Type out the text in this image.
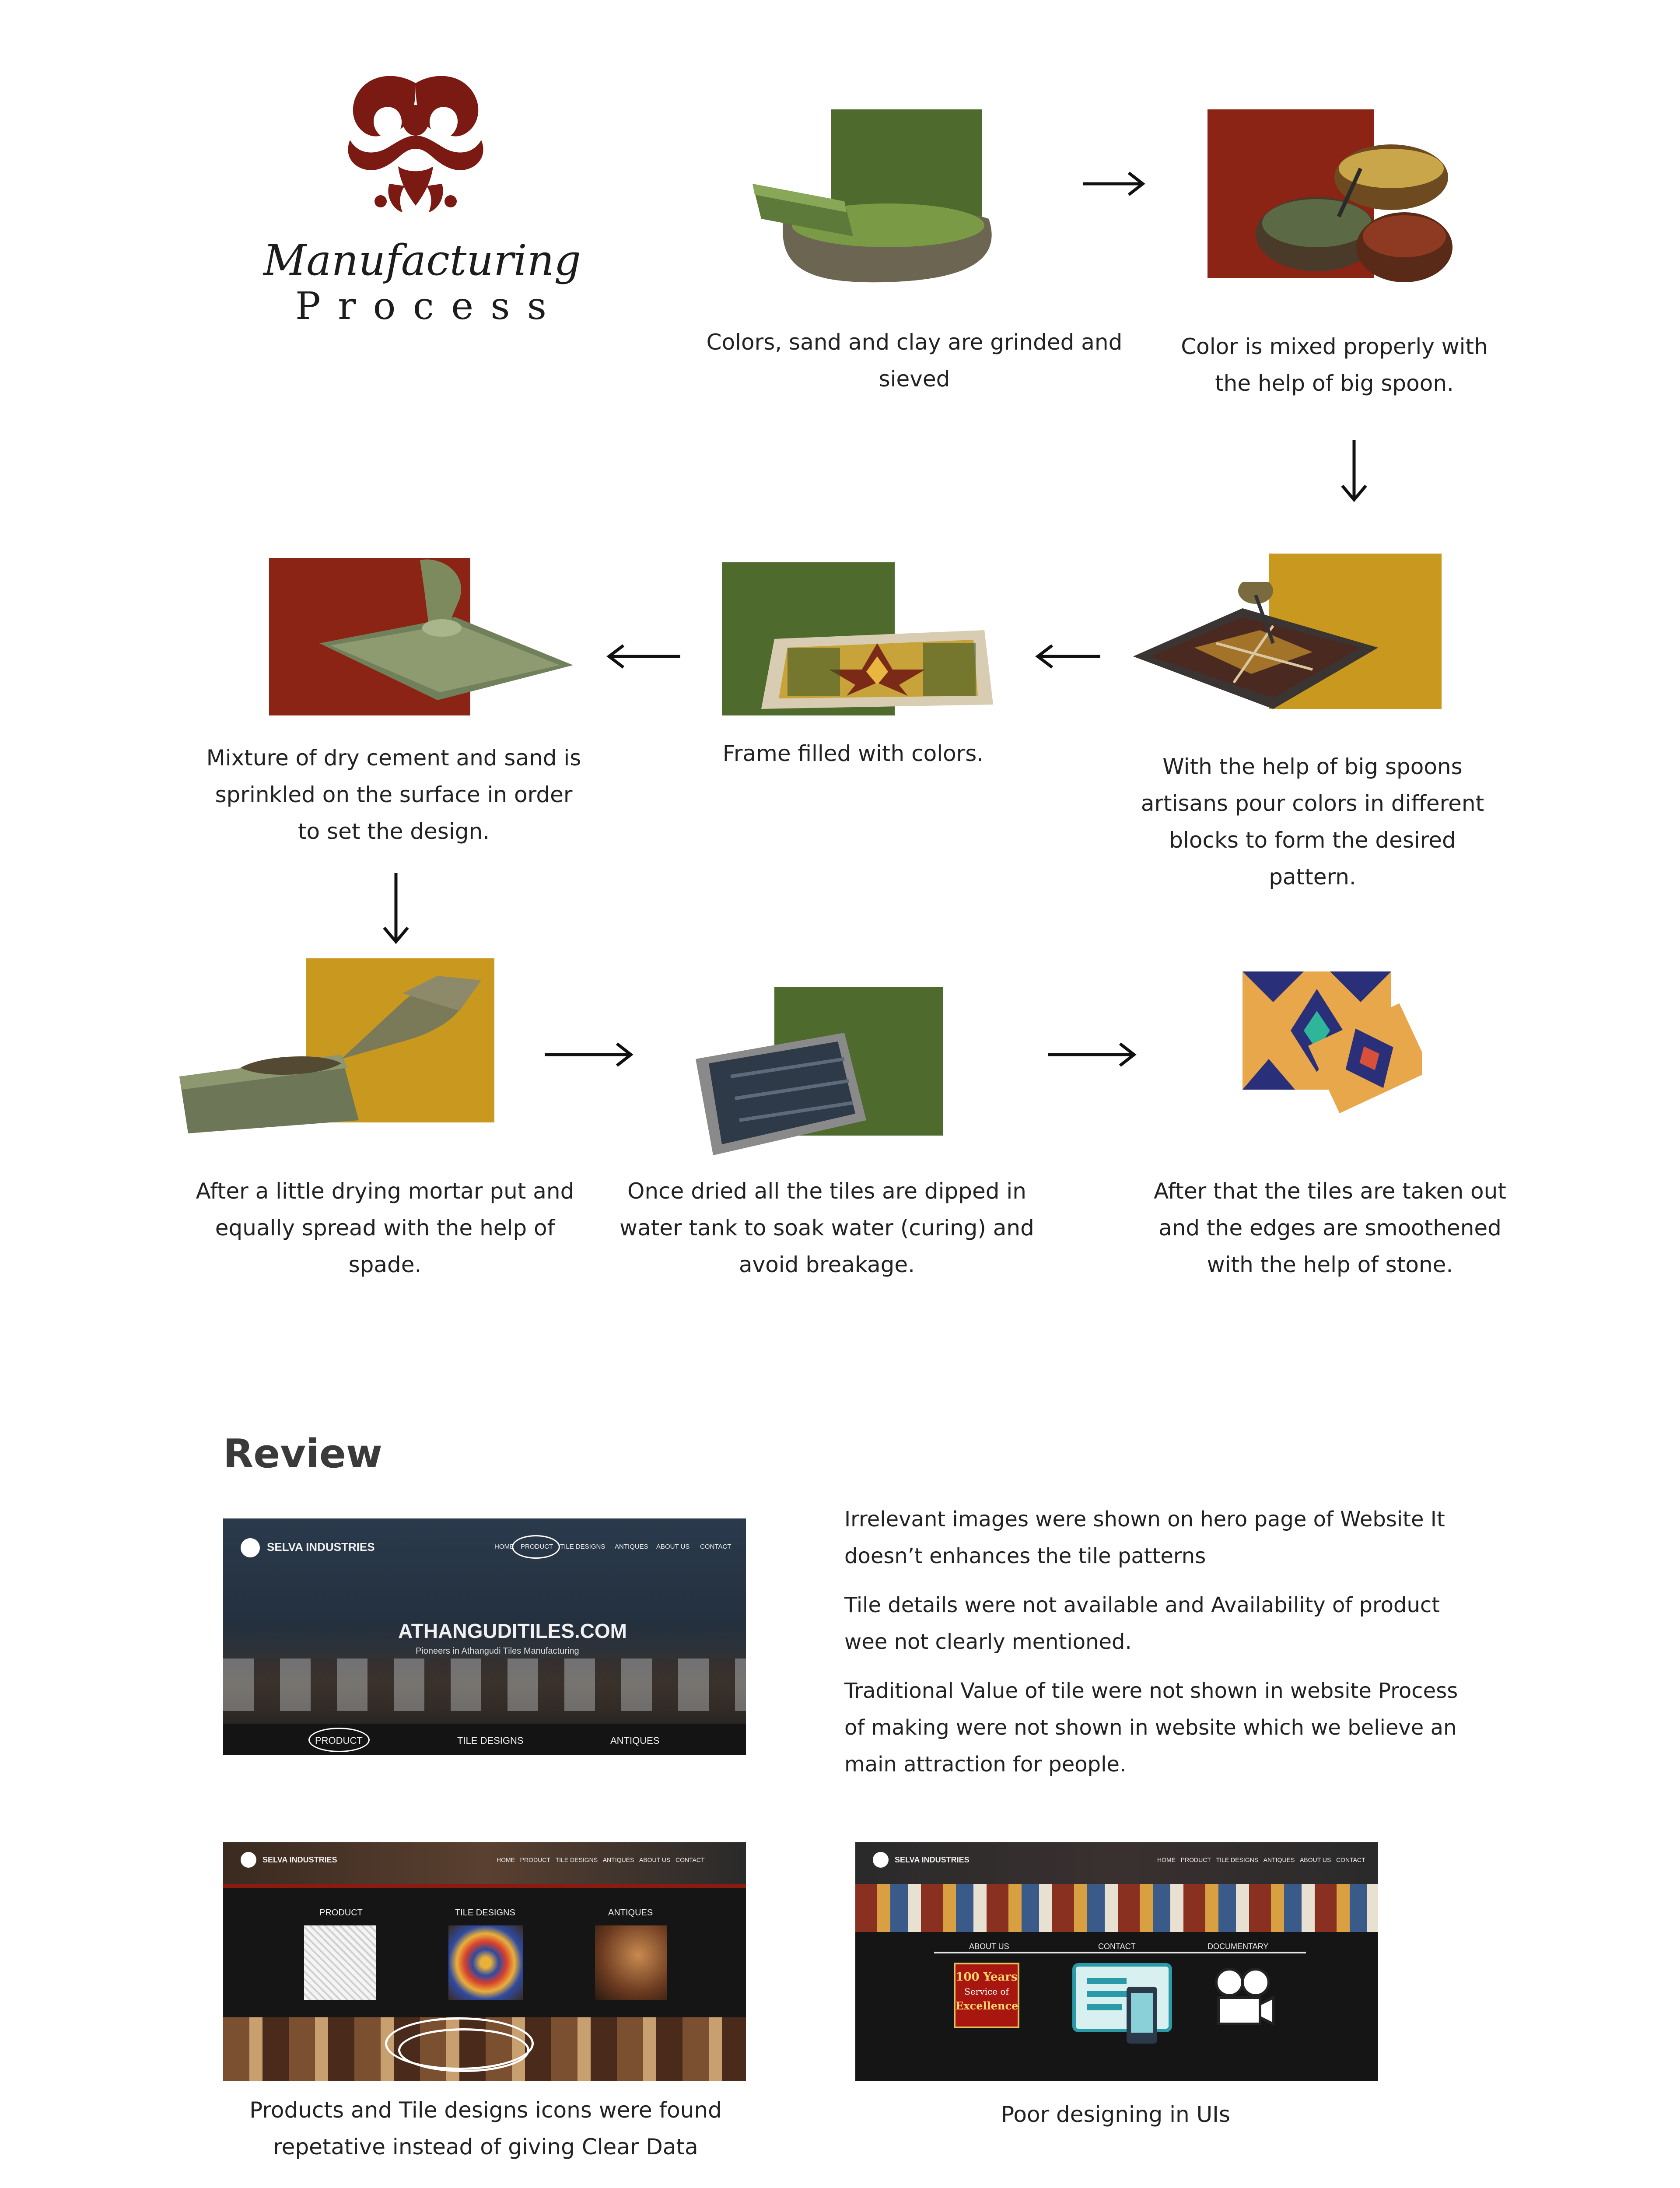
Manufacturing
P r o c e s s
Colors, sand and clay are grinded and sieved
Color is mixed properly with the help of big spoon.
With the help of big spoons artisans pour colors in different blocks to form the desired pattern.
Frame filled with colors.
Mixture of dry cement and sand is sprinkled on the surface in order to set the design.
After a little drying mortar put and equally spread with the help of spade.
Once dried all the tiles are dipped in water tank to soak water (curing) and avoid breakage.
After that the tiles are taken out and the edges are smoothened with the help of stone.
Review
SELVA INDUSTRIES	HOME PRODUCT TILE DESIGNS ANTIQUES ABOUT US CONTACT
ATHANGUDITILES.COM
Pioneers in Athangudi Tiles Manufacturing
PRODUCT	TILE DESIGNS	ANTIQUES

Irrelevant images were shown on hero page of Website It doesn’t enhances the tile patterns

Tile details were not available and Availability of product wee not clearly mentioned.

Traditional Value of tile were not shown in website Process of making were not shown in website which we believe an main attraction for people.

SELVA INDUSTRIES	HOME PRODUCT TILE DESIGNS ANTIQUES ABOUT US CONTACT
PRODUCT	TILE DESIGNS	ANTIQUES
Products and Tile designs icons were found repetative instead of giving Clear Data
SELVA INDUSTRIES	HOME PRODUCT TILE DESIGNS ANTIQUES ABOUT US CONTACT
ABOUT US	CONTACT	DOCUMENTARY
100 Years
Service of
Excellence
Poor designing in UIs
